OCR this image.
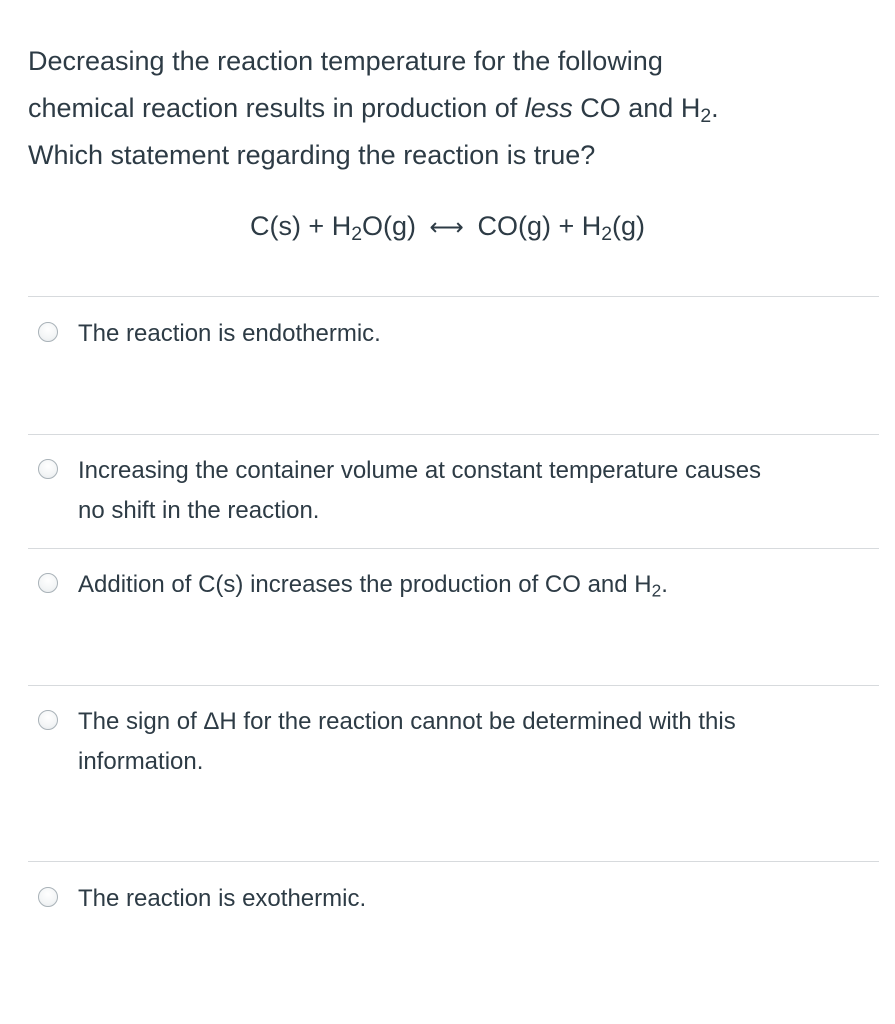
Decreasing the reaction temperature for the following

chemical reaction results in production of less CO and $H_2$.

Which statement regarding the reaction is true?

$C(s) + H_2O(g)$ ⟷ $CO(g) + H_2(g)$
The reaction is endothermic.
Increasing the container volume at constant temperature causes
no shift in the reaction.
Addition of C(s) increases the production of CO and $H_2$.
The sign of ΔH for the reaction cannot be determined with this
information.
The reaction is exothermic.
